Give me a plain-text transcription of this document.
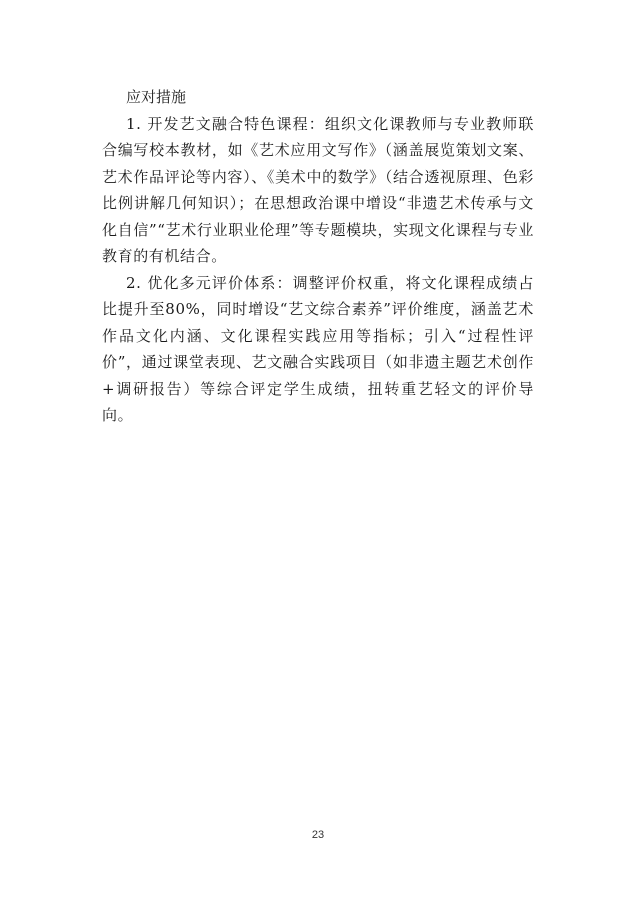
应对措施

1. 开发艺文融合特色课程：组织文化课教师与专业教师联合编写校本教材，如《艺术应用文写作》（涵盖展览策划文案、艺术作品评论等内容）、《美术中的数学》（结合透视原理、色彩比例讲解几何知识）；在思想政治课中增设“非遗艺术传承与文化自信”“艺术行业职业伦理”等专题模块，实现文化课程与专业教育的有机结合。

2. 优化多元评价体系：调整评价权重，将文化课程成绩占比提升至80%，同时增设“艺文综合素养”评价维度，涵盖艺术作品文化内涵、文化课程实践应用等指标；引入“过程性评价”，通过课堂表现、艺文融合实践项目（如非遗主题艺术创作+调研报告）等综合评定学生成绩，扭转重艺轻文的评价导向。

23
